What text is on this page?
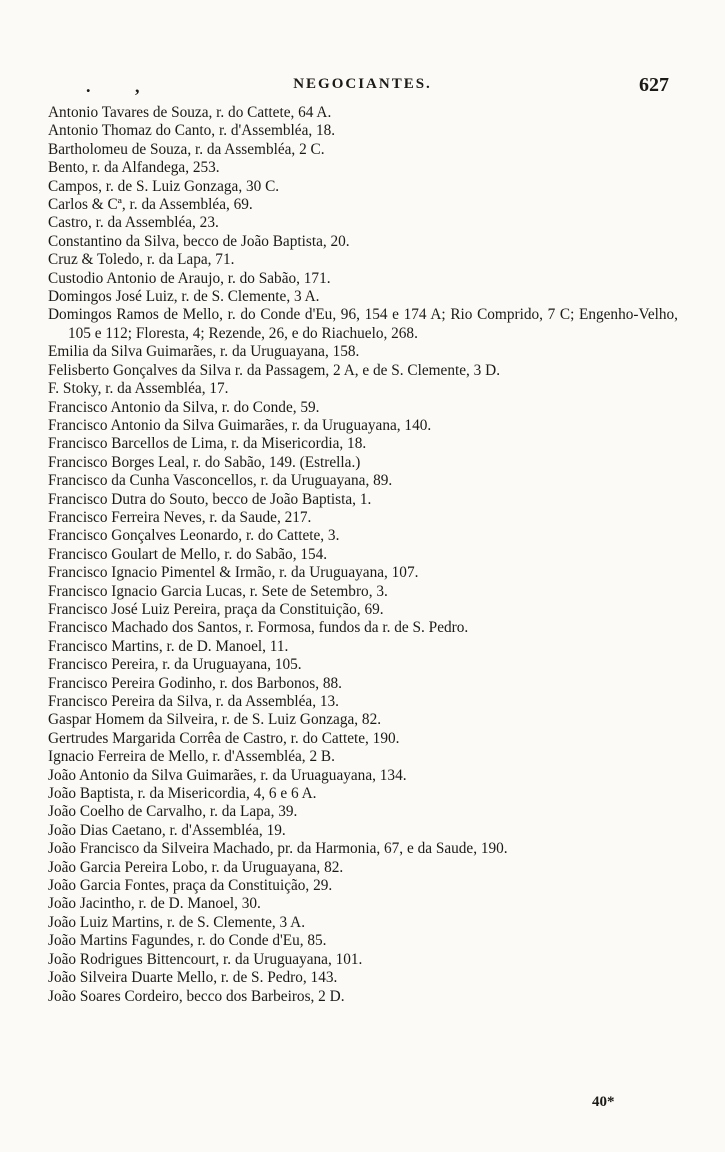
. ,	NEGOCIANTES.	627
Antonio Tavares de Souza, r. do Cattete, 64 A.
Antonio Thomaz do Canto, r. d'Assembléa, 18.
Bartholomeu de Souza, r. da Assembléa, 2 C.
Bento, r. da Alfandega, 253.
Campos, r. de S. Luiz Gonzaga, 30 C.
Carlos & Cª, r. da Assembléa, 69.
Castro, r. da Assembléa, 23.
Constantino da Silva, becco de João Baptista, 20.
Cruz & Toledo, r. da Lapa, 71.
Custodio Antonio de Araujo, r. do Sabão, 171.
Domingos José Luiz, r. de S. Clemente, 3 A.
Domingos Ramos de Mello, r. do Conde d'Eu, 96, 154 e 174 A; Rio Comprido, 7 C; Engenho-Velho, 105 e 112; Floresta, 4; Rezende, 26, e do Riachuelo, 268.
Emilia da Silva Guimarães, r. da Uruguayana, 158.
Felisberto Gonçalves da Silva r. da Passagem, 2 A, e de S. Clemente, 3 D.
F. Stoky, r. da Assembléa, 17.
Francisco Antonio da Silva, r. do Conde, 59.
Francisco Antonio da Silva Guimarães, r. da Uruguayana, 140.
Francisco Barcellos de Lima, r. da Misericordia, 18.
Francisco Borges Leal, r. do Sabão, 149. (Estrella.)
Francisco da Cunha Vasconcellos, r. da Uruguayana, 89.
Francisco Dutra do Souto, becco de João Baptista, 1.
Francisco Ferreira Neves, r. da Saude, 217.
Francisco Gonçalves Leonardo, r. do Cattete, 3.
Francisco Goulart de Mello, r. do Sabão, 154.
Francisco Ignacio Pimentel & Irmão, r. da Uruguayana, 107.
Francisco Ignacio Garcia Lucas, r. Sete de Setembro, 3.
Francisco José Luiz Pereira, praça da Constituição, 69.
Francisco Machado dos Santos, r. Formosa, fundos da r. de S. Pedro.
Francisco Martins, r. de D. Manoel, 11.
Francisco Pereira, r. da Uruguayana, 105.
Francisco Pereira Godinho, r. dos Barbonos, 88.
Francisco Pereira da Silva, r. da Assembléa, 13.
Gaspar Homem da Silveira, r. de S. Luiz Gonzaga, 82.
Gertrudes Margarida Corrêa de Castro, r. do Cattete, 190.
Ignacio Ferreira de Mello, r. d'Assembléa, 2 B.
João Antonio da Silva Guimarães, r. da Uruaguayana, 134.
João Baptista, r. da Misericordia, 4, 6 e 6 A.
João Coelho de Carvalho, r. da Lapa, 39.
João Dias Caetano, r. d'Assembléa, 19.
João Francisco da Silveira Machado, pr. da Harmonia, 67, e da Saude, 190.
João Garcia Pereira Lobo, r. da Uruguayana, 82.
João Garcia Fontes, praça da Constituição, 29.
João Jacintho, r. de D. Manoel, 30.
João Luiz Martins, r. de S. Clemente, 3 A.
João Martins Fagundes, r. do Conde d'Eu, 85.
João Rodrigues Bittencourt, r. da Uruguayana, 101.
João Silveira Duarte Mello, r. de S. Pedro, 143.
João Soares Cordeiro, becco dos Barbeiros, 2 D.
40*
